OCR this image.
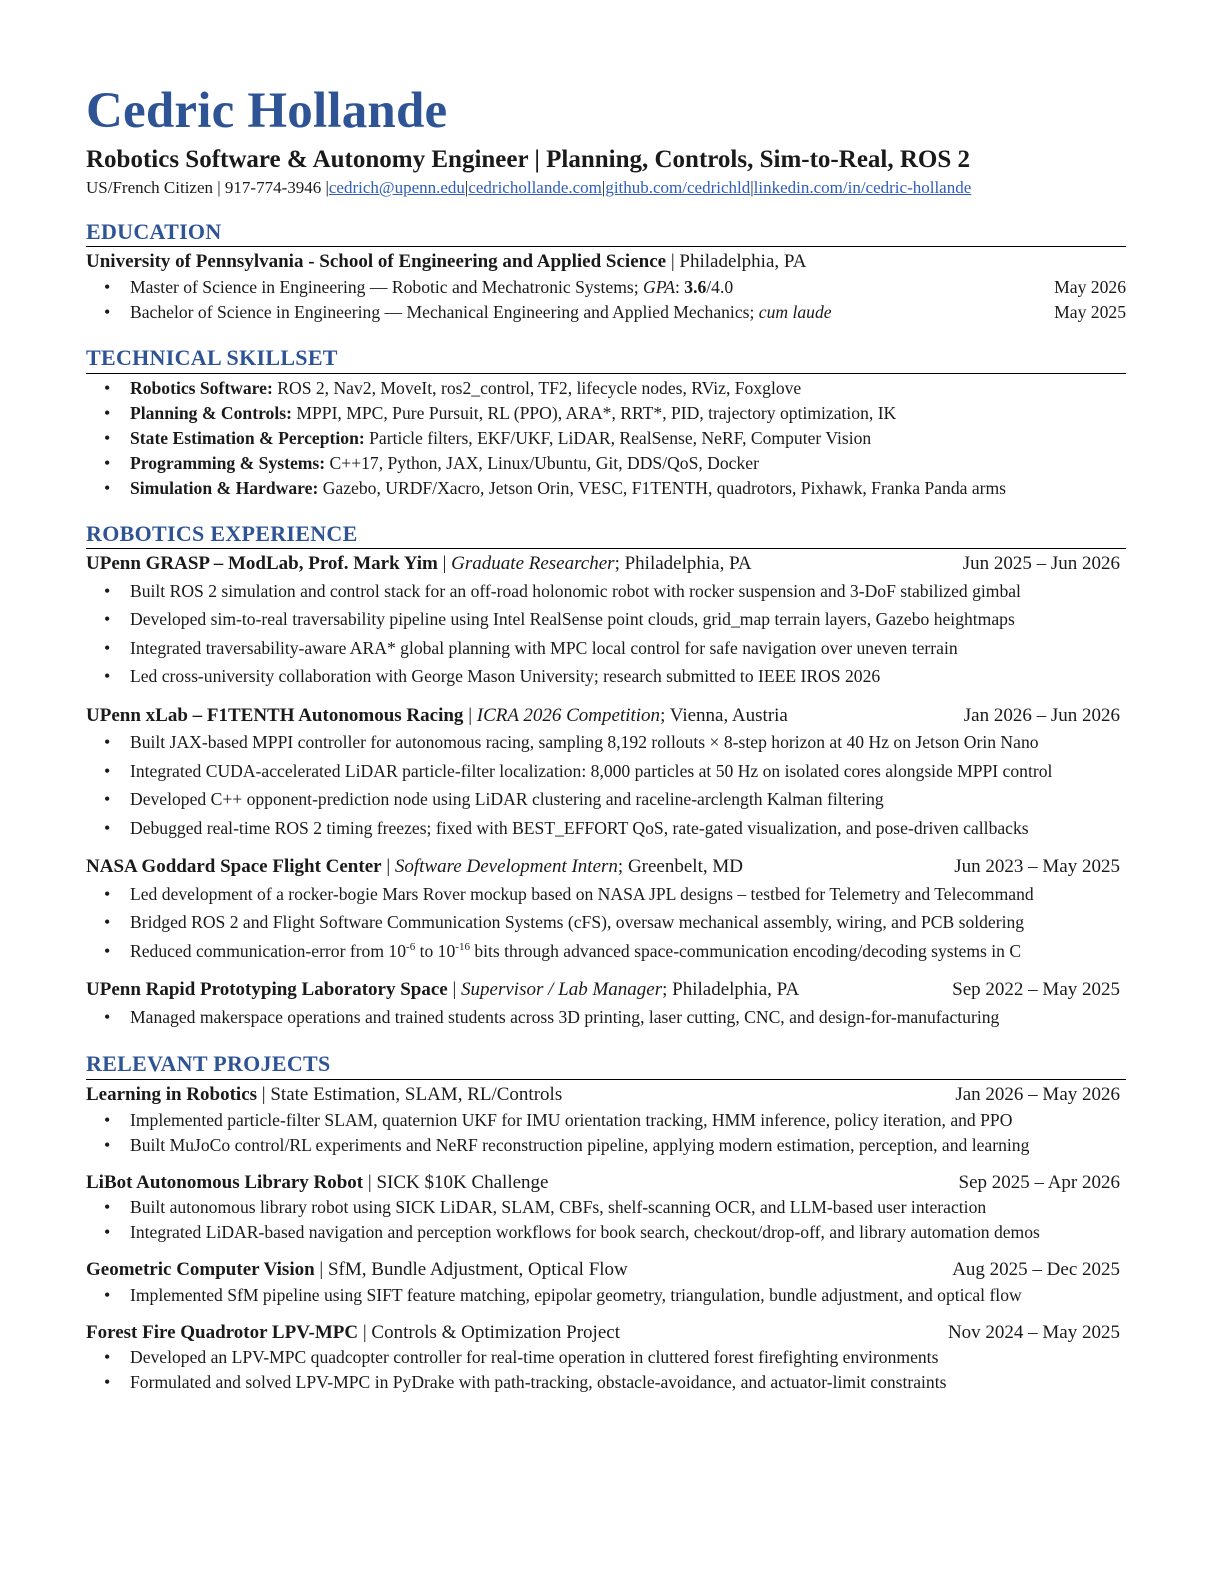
Cedric Hollande
Robotics Software & Autonomy Engineer | Planning, Controls, Sim-to-Real, ROS 2
US/French Citizen | 917-774-3946 |cedrich@upenn.edu|cedrichollande.com|github.com/cedrichld|linkedin.com/in/cedric-hollande
EDUCATION
University of Pennsylvania - School of Engineering and Applied Science | Philadelphia, PA
• Master of Science in Engineering — Robotic and Mechatronic Systems; GPA: 3.6/4.0	May 2026
• Bachelor of Science in Engineering — Mechanical Engineering and Applied Mechanics; cum laude	May 2025
TECHNICAL SKILLSET
• Robotics Software: ROS 2, Nav2, MoveIt, ros2_control, TF2, lifecycle nodes, RViz, Foxglove
• Planning & Controls: MPPI, MPC, Pure Pursuit, RL (PPO), ARA*, RRT*, PID, trajectory optimization, IK
• State Estimation & Perception: Particle filters, EKF/UKF, LiDAR, RealSense, NeRF, Computer Vision
• Programming & Systems: C++17, Python, JAX, Linux/Ubuntu, Git, DDS/QoS, Docker
• Simulation & Hardware: Gazebo, URDF/Xacro, Jetson Orin, VESC, F1TENTH, quadrotors, Pixhawk, Franka Panda arms
ROBOTICS EXPERIENCE
UPenn GRASP – ModLab, Prof. Mark Yim | Graduate Researcher; Philadelphia, PA	Jun 2025 – Jun 2026
• Built ROS 2 simulation and control stack for an off-road holonomic robot with rocker suspension and 3-DoF stabilized gimbal
• Developed sim-to-real traversability pipeline using Intel RealSense point clouds, grid_map terrain layers, Gazebo heightmaps
• Integrated traversability-aware ARA* global planning with MPC local control for safe navigation over uneven terrain
• Led cross-university collaboration with George Mason University; research submitted to IEEE IROS 2026
UPenn xLab – F1TENTH Autonomous Racing | ICRA 2026 Competition; Vienna, Austria	Jan 2026 – Jun 2026
• Built JAX-based MPPI controller for autonomous racing, sampling 8,192 rollouts × 8-step horizon at 40 Hz on Jetson Orin Nano
• Integrated CUDA-accelerated LiDAR particle-filter localization: 8,000 particles at 50 Hz on isolated cores alongside MPPI control
• Developed C++ opponent-prediction node using LiDAR clustering and raceline-arclength Kalman filtering
• Debugged real-time ROS 2 timing freezes; fixed with BEST_EFFORT QoS, rate-gated visualization, and pose-driven callbacks
NASA Goddard Space Flight Center | Software Development Intern; Greenbelt, MD	Jun 2023 – May 2025
• Led development of a rocker-bogie Mars Rover mockup based on NASA JPL designs – testbed for Telemetry and Telecommand
• Bridged ROS 2 and Flight Software Communication Systems (cFS), oversaw mechanical assembly, wiring, and PCB soldering
• Reduced communication-error from $10^{-6}$ to $10^{-16}$ bits through advanced space-communication encoding/decoding systems in C
UPenn Rapid Prototyping Laboratory Space | Supervisor / Lab Manager; Philadelphia, PA	Sep 2022 – May 2025
• Managed makerspace operations and trained students across 3D printing, laser cutting, CNC, and design-for-manufacturing
RELEVANT PROJECTS
Learning in Robotics | State Estimation, SLAM, RL/Controls	Jan 2026 – May 2026
• Implemented particle-filter SLAM, quaternion UKF for IMU orientation tracking, HMM inference, policy iteration, and PPO
• Built MuJoCo control/RL experiments and NeRF reconstruction pipeline, applying modern estimation, perception, and learning
LiBot Autonomous Library Robot | SICK $10K Challenge	Sep 2025 – Apr 2026
• Built autonomous library robot using SICK LiDAR, SLAM, CBFs, shelf-scanning OCR, and LLM-based user interaction
• Integrated LiDAR-based navigation and perception workflows for book search, checkout/drop-off, and library automation demos
Geometric Computer Vision | SfM, Bundle Adjustment, Optical Flow	Aug 2025 – Dec 2025
• Implemented SfM pipeline using SIFT feature matching, epipolar geometry, triangulation, bundle adjustment, and optical flow
Forest Fire Quadrotor LPV-MPC | Controls & Optimization Project	Nov 2024 – May 2025
• Developed an LPV-MPC quadcopter controller for real-time operation in cluttered forest firefighting environments
• Formulated and solved LPV-MPC in PyDrake with path-tracking, obstacle-avoidance, and actuator-limit constraints
